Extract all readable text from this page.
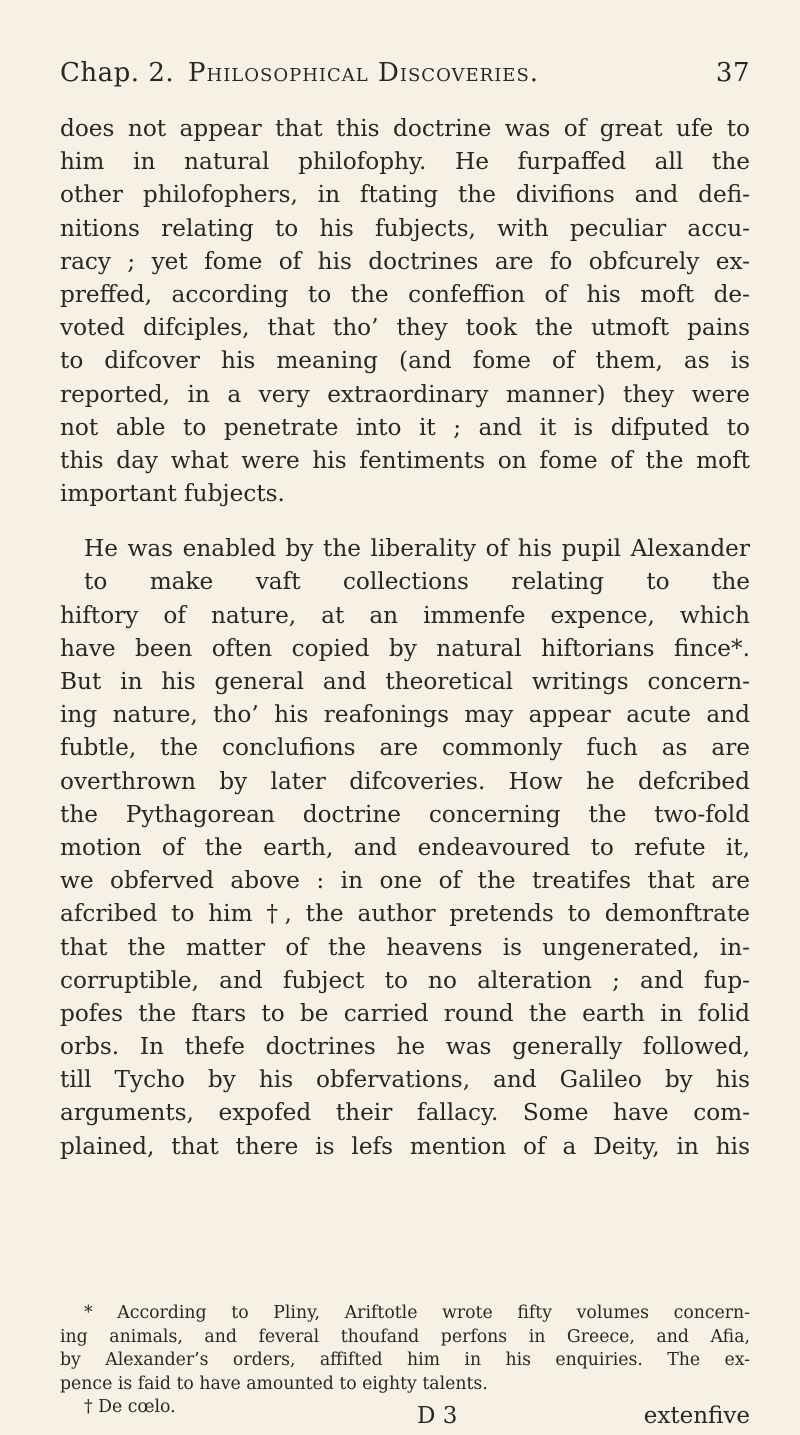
Chap. 2. Philosophical Discoveries.	37
does not appear that this doctrine was of great ufe to
him in natural philofophy. He furpaffed all the
other philofophers, in ftating the divifions and defi-
nitions relating to his fubjects, with peculiar accu-
racy ; yet fome of his doctrines are fo obfcurely ex-
preffed, according to the confeffion of his moft de-
voted difciples, that tho’ they took the utmoft pains
to difcover his meaning (and fome of them, as is
reported, in a very extraordinary manner) they were
not able to penetrate into it ; and it is difputed to
this day what were his fentiments on fome of the moft
important fubjects.
He was enabled by the liberality of his pupil Alexander to make vaft collections relating to the
hiftory of nature, at an immenfe expence, which
have been often copied by natural hiftorians fince*.
But in his general and theoretical writings concern-
ing nature, tho’ his reafonings may appear acute and
fubtle, the conclufions are commonly fuch as are
overthrown by later difcoveries. How he defcribed
the Pythagorean doctrine concerning the two-fold
motion of the earth, and endeavoured to refute it,
we obferved above : in one of the treatifes that are
afcribed to him †, the author pretends to demonftrate
that the matter of the heavens is ungenerated, in-
corruptible, and fubject to no alteration ; and fup-
pofes the ftars to be carried round the earth in folid
orbs. In thefe doctrines he was generally followed,
till Tycho by his obfervations, and Galileo by his
arguments, expofed their fallacy. Some have com-
plained, that there is lefs mention of a Deity, in his
* According to Pliny, Ariftotle wrote fifty volumes concern-
ing animals, and feveral thoufand perfons in Greece, and Afia,
by Alexander’s orders, affifted him in his enquiries. The ex-
pence is faid to have amounted to eighty talents.
† De cœlo.	D 3	extenfive
